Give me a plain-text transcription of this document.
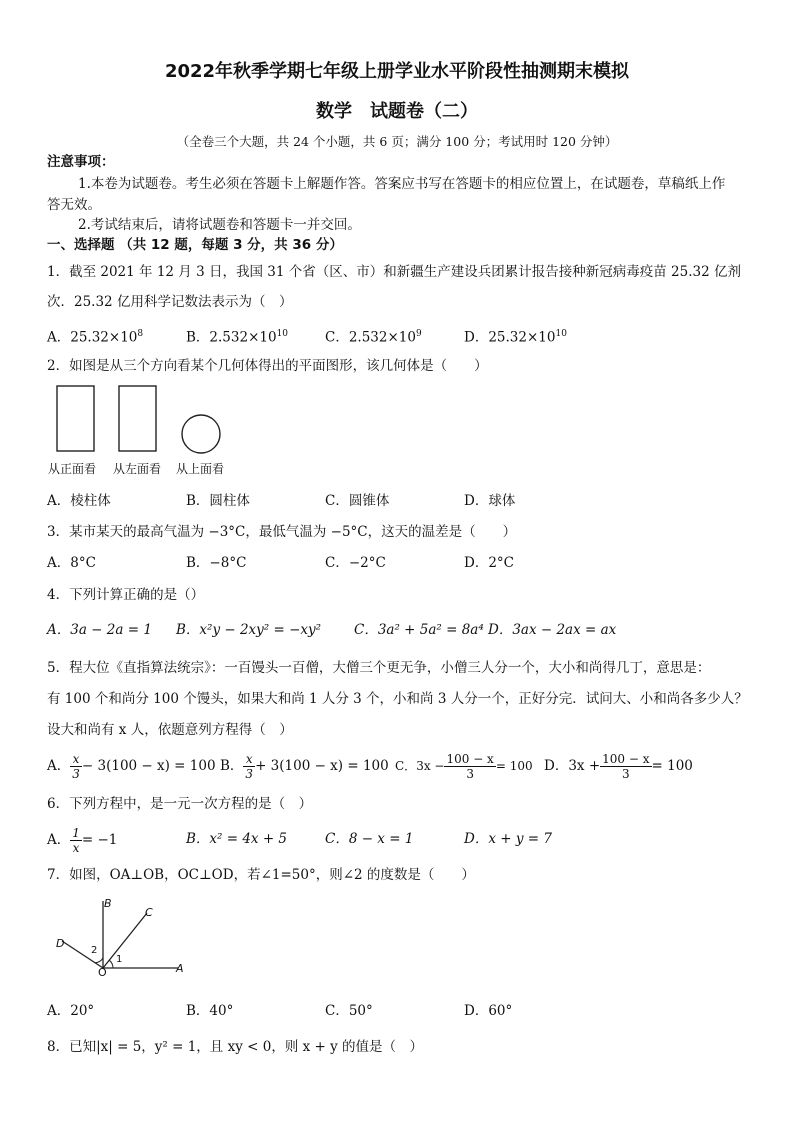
2022年秋季学期七年级上册学业水平阶段性抽测期末模拟
数学　试题卷（二）
（全卷三个大题，共 24 个小题，共 6 页；满分 100 分；考试用时 120 分钟）
注意事项：
1.本卷为试题卷。考生必须在答题卡上解题作答。答案应书写在答题卡的相应位置上，在试题卷，草稿纸上作
答无效。
2.考试结束后，请将试题卷和答题卡一并交回。
一、选择题 （共 12 题，每题 3 分，共 36 分）
1．截至 2021 年 12 月 3 日，我国 31 个省（区、市）和新疆生产建设兵团累计报告接种新冠病毒疫苗 25.32 亿剂
次．25.32 亿用科学记数法表示为（　）
A．$25.32\times 10^8$	B．$2.532\times 10^{10}$	C．$2.532\times 10^9$	D．$25.32\times 10^{10}$
2．如图是从三个方向看某个几何体得出的平面图形，该几何体是（　　）
从正面看 从左面看 从上面看
A．棱柱体	B．圆柱体	C．圆锥体	D．球体
3．某市某天的最高气温为 −3°C，最低气温为 −5°C，这天的温差是（　　）
A．8°C	B．−8°C	C．−2°C	D．2°C
4．下列计算正确的是（）
A．3a − 2a = 1 B．x²y − 2xy² = −xy² C．3a² + 5a² = 8a⁴ D．3ax − 2ax = ax
5．程大位《直指算法统宗》：一百馒头一百僧，大僧三个更无争，小僧三人分一个，大小和尚得几丁，意思是：
有 100 个和尚分 100 个馒头，如果大和尚 1 人分 3 个，小和尚 3 人分一个，正好分完．试问大、小和尚各多少人？
设大和尚有 x 人，依题意列方程得（　）
A． $\frac{x}{3} - 3(100 - x) = 100$ B． $\frac{x}{3} + 3(100 - x) = 100$ C．$3x - \frac{100 - x}{3} = 100$ D．$3x + \frac{100 - x}{3} = 100$
6．下列方程中，是一元一次方程的是（　）
A． $\frac{1}{x} = -1$	B．x² = 4x + 5	C．8 − x = 1	D．x + y = 7
7．如图，OA⊥OB，OC⊥OD，若∠1=50°，则∠2 的度数是（　　）
B
C
D
2
1
O	A
A．20°	B．40°	C．50°	D．60°
8．已知|x| = 5，y² = 1，且 xy < 0，则 x + y 的值是（　）
